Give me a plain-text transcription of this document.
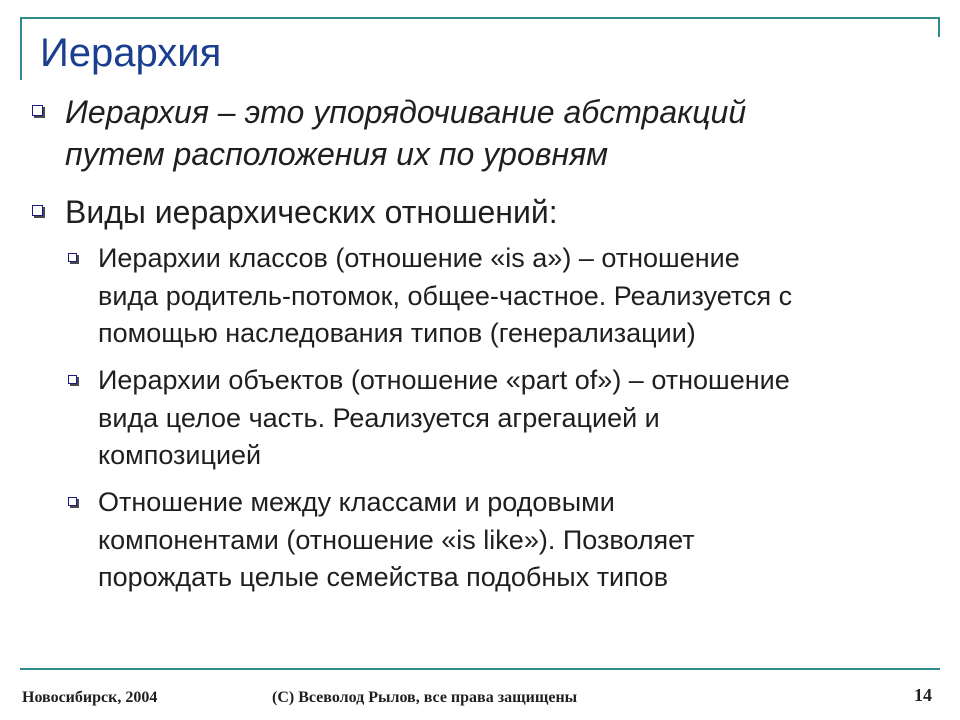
Иерархия
Иерархия – это упорядочивание абстракций
путем расположения их по уровням
Виды иерархических отношений:
Иерархии классов (отношение «is a») – отношение
вида родитель-потомок, общее-частное. Реализуется с
помощью наследования типов (генерализации)
Иерархии объектов (отношение «part of») – отношение
вида целое часть. Реализуется агрегацией и
композицией
Отношение между классами и родовыми
компонентами (отношение «is like»). Позволяет
порождать целые семейства подобных типов
Новосибирск, 2004	(C) Всеволод Рылов, все права защищены	14
